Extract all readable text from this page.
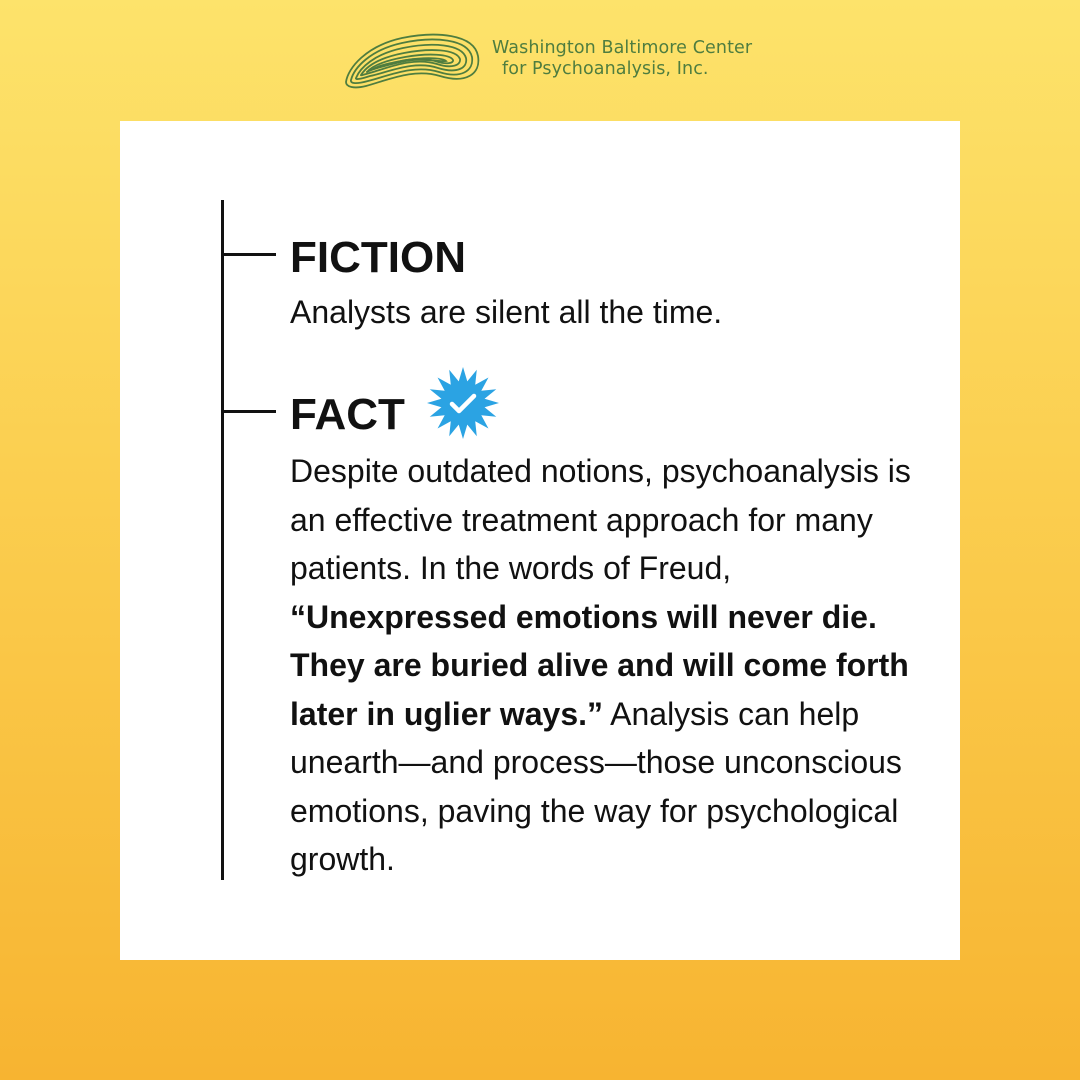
Washington Baltimore Center
for Psychoanalysis, Inc.
FICTION
Analysts are silent all the time.
FACT
Despite outdated notions, psychoanalysis is an effective treatment approach for many patients. In the words of Freud, “Unexpressed emotions will never die. They are buried alive and will come forth later in uglier ways.” Analysis can help unearth—and process—those unconscious emotions, paving the way for psychological growth.
